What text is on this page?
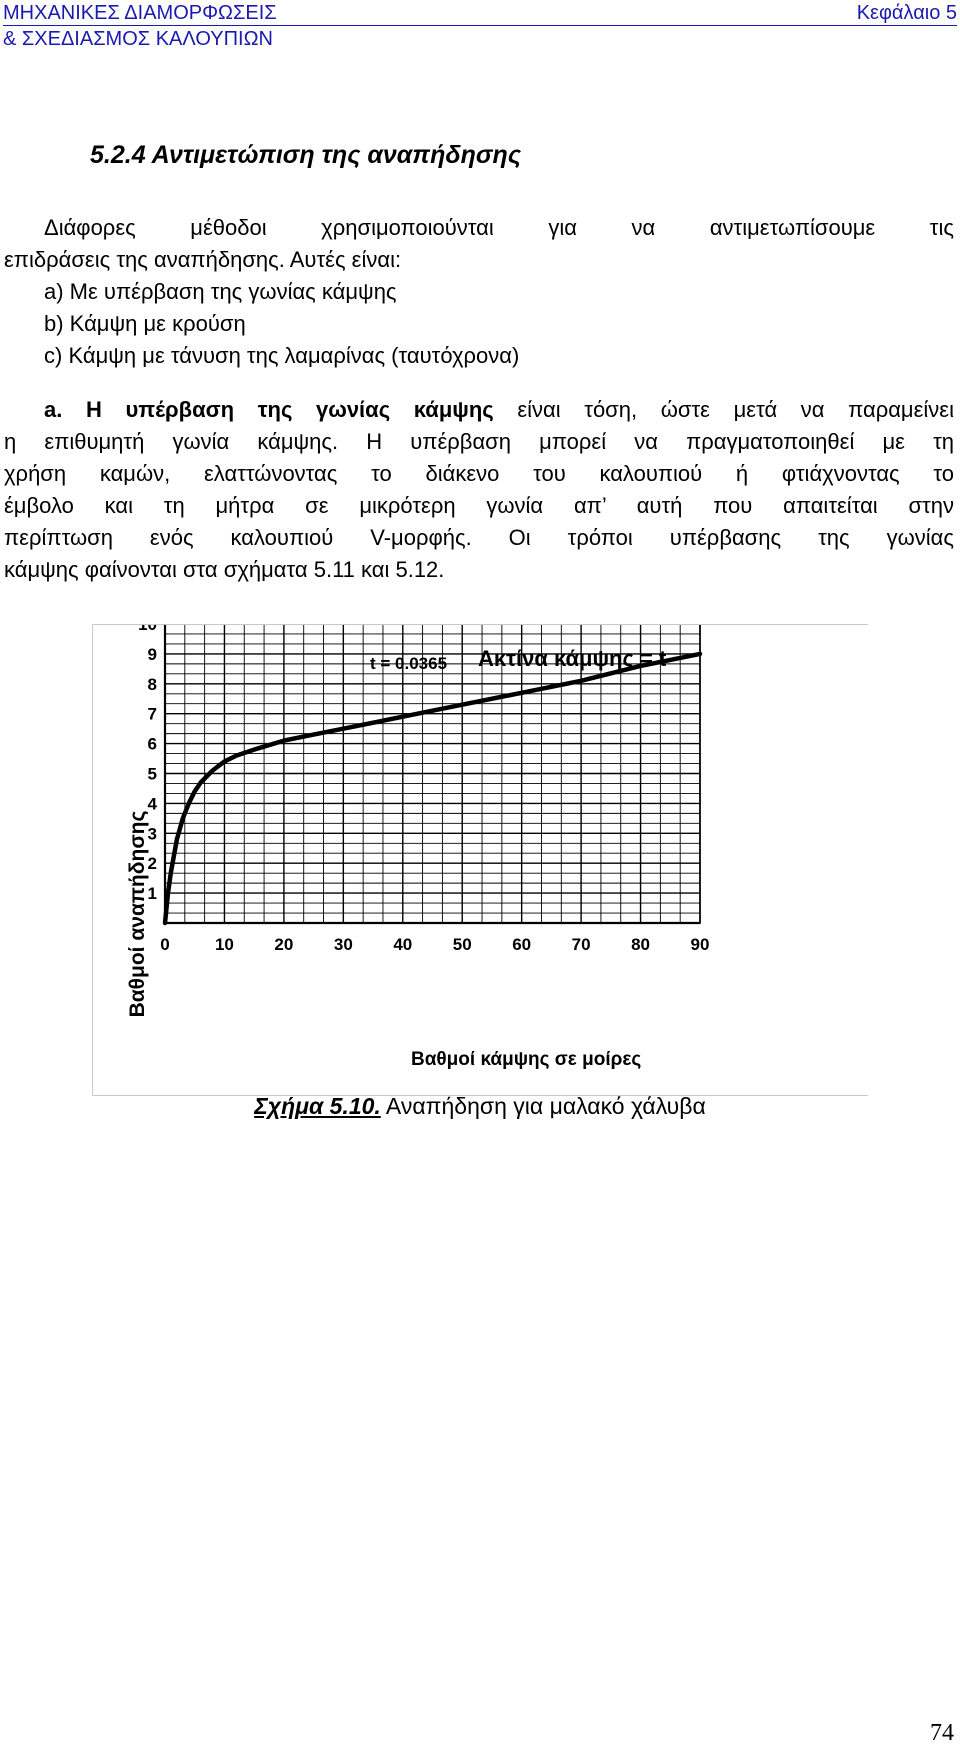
ΜΗΧΑΝΙΚΕΣ ΔΙΑΜΟΡΦΩΣΕΙΣ
& ΣΧΕΔΙΑΣΜΟΣ ΚΑΛΟΥΠΙΩΝ
Κεφάλαιο 5
5.2.4 Αντιμετώπιση της αναπήδησης
Διάφορες μέθοδοι χρησιμοποιούνται για να αντιμετωπίσουμε τις
επιδράσεις της αναπήδησης. Αυτές είναι:
a) Με υπέρβαση της γωνίας κάμψης
b) Κάμψη με κρούση
c) Κάμψη με τάνυση της λαμαρίνας (ταυτόχρονα)
a. Η υπέρβαση της γωνίας κάμψης είναι τόση, ώστε μετά να παραμείνει
η επιθυμητή γωνία κάμψης. Η υπέρβαση μπορεί να πραγματοποιηθεί με τη
χρήση καμών, ελαττώνοντας το διάκενο του καλουπιού ή φτιάχνοντας το
έμβολο και τη μήτρα σε μικρότερη γωνία απ’ αυτή που απαιτείται στην
περίπτωση ενός καλουπιού V-μορφής. Οι τρόποι υπέρβασης της γωνίας
κάμψης φαίνονται στα σχήματα 5.11 και 5.12.
0	10 20 30 40 50 60 70 80 90
1
2
3
4
5
6
7
8
9
10
t = 0.0365 Ακτίνα κάμψης = t
Βαθμοί κάμψης σε μοίρες
Βαθμοί αναπήδησης
Σχήμα 5.10. Αναπήδηση για μαλακό χάλυβα
74
